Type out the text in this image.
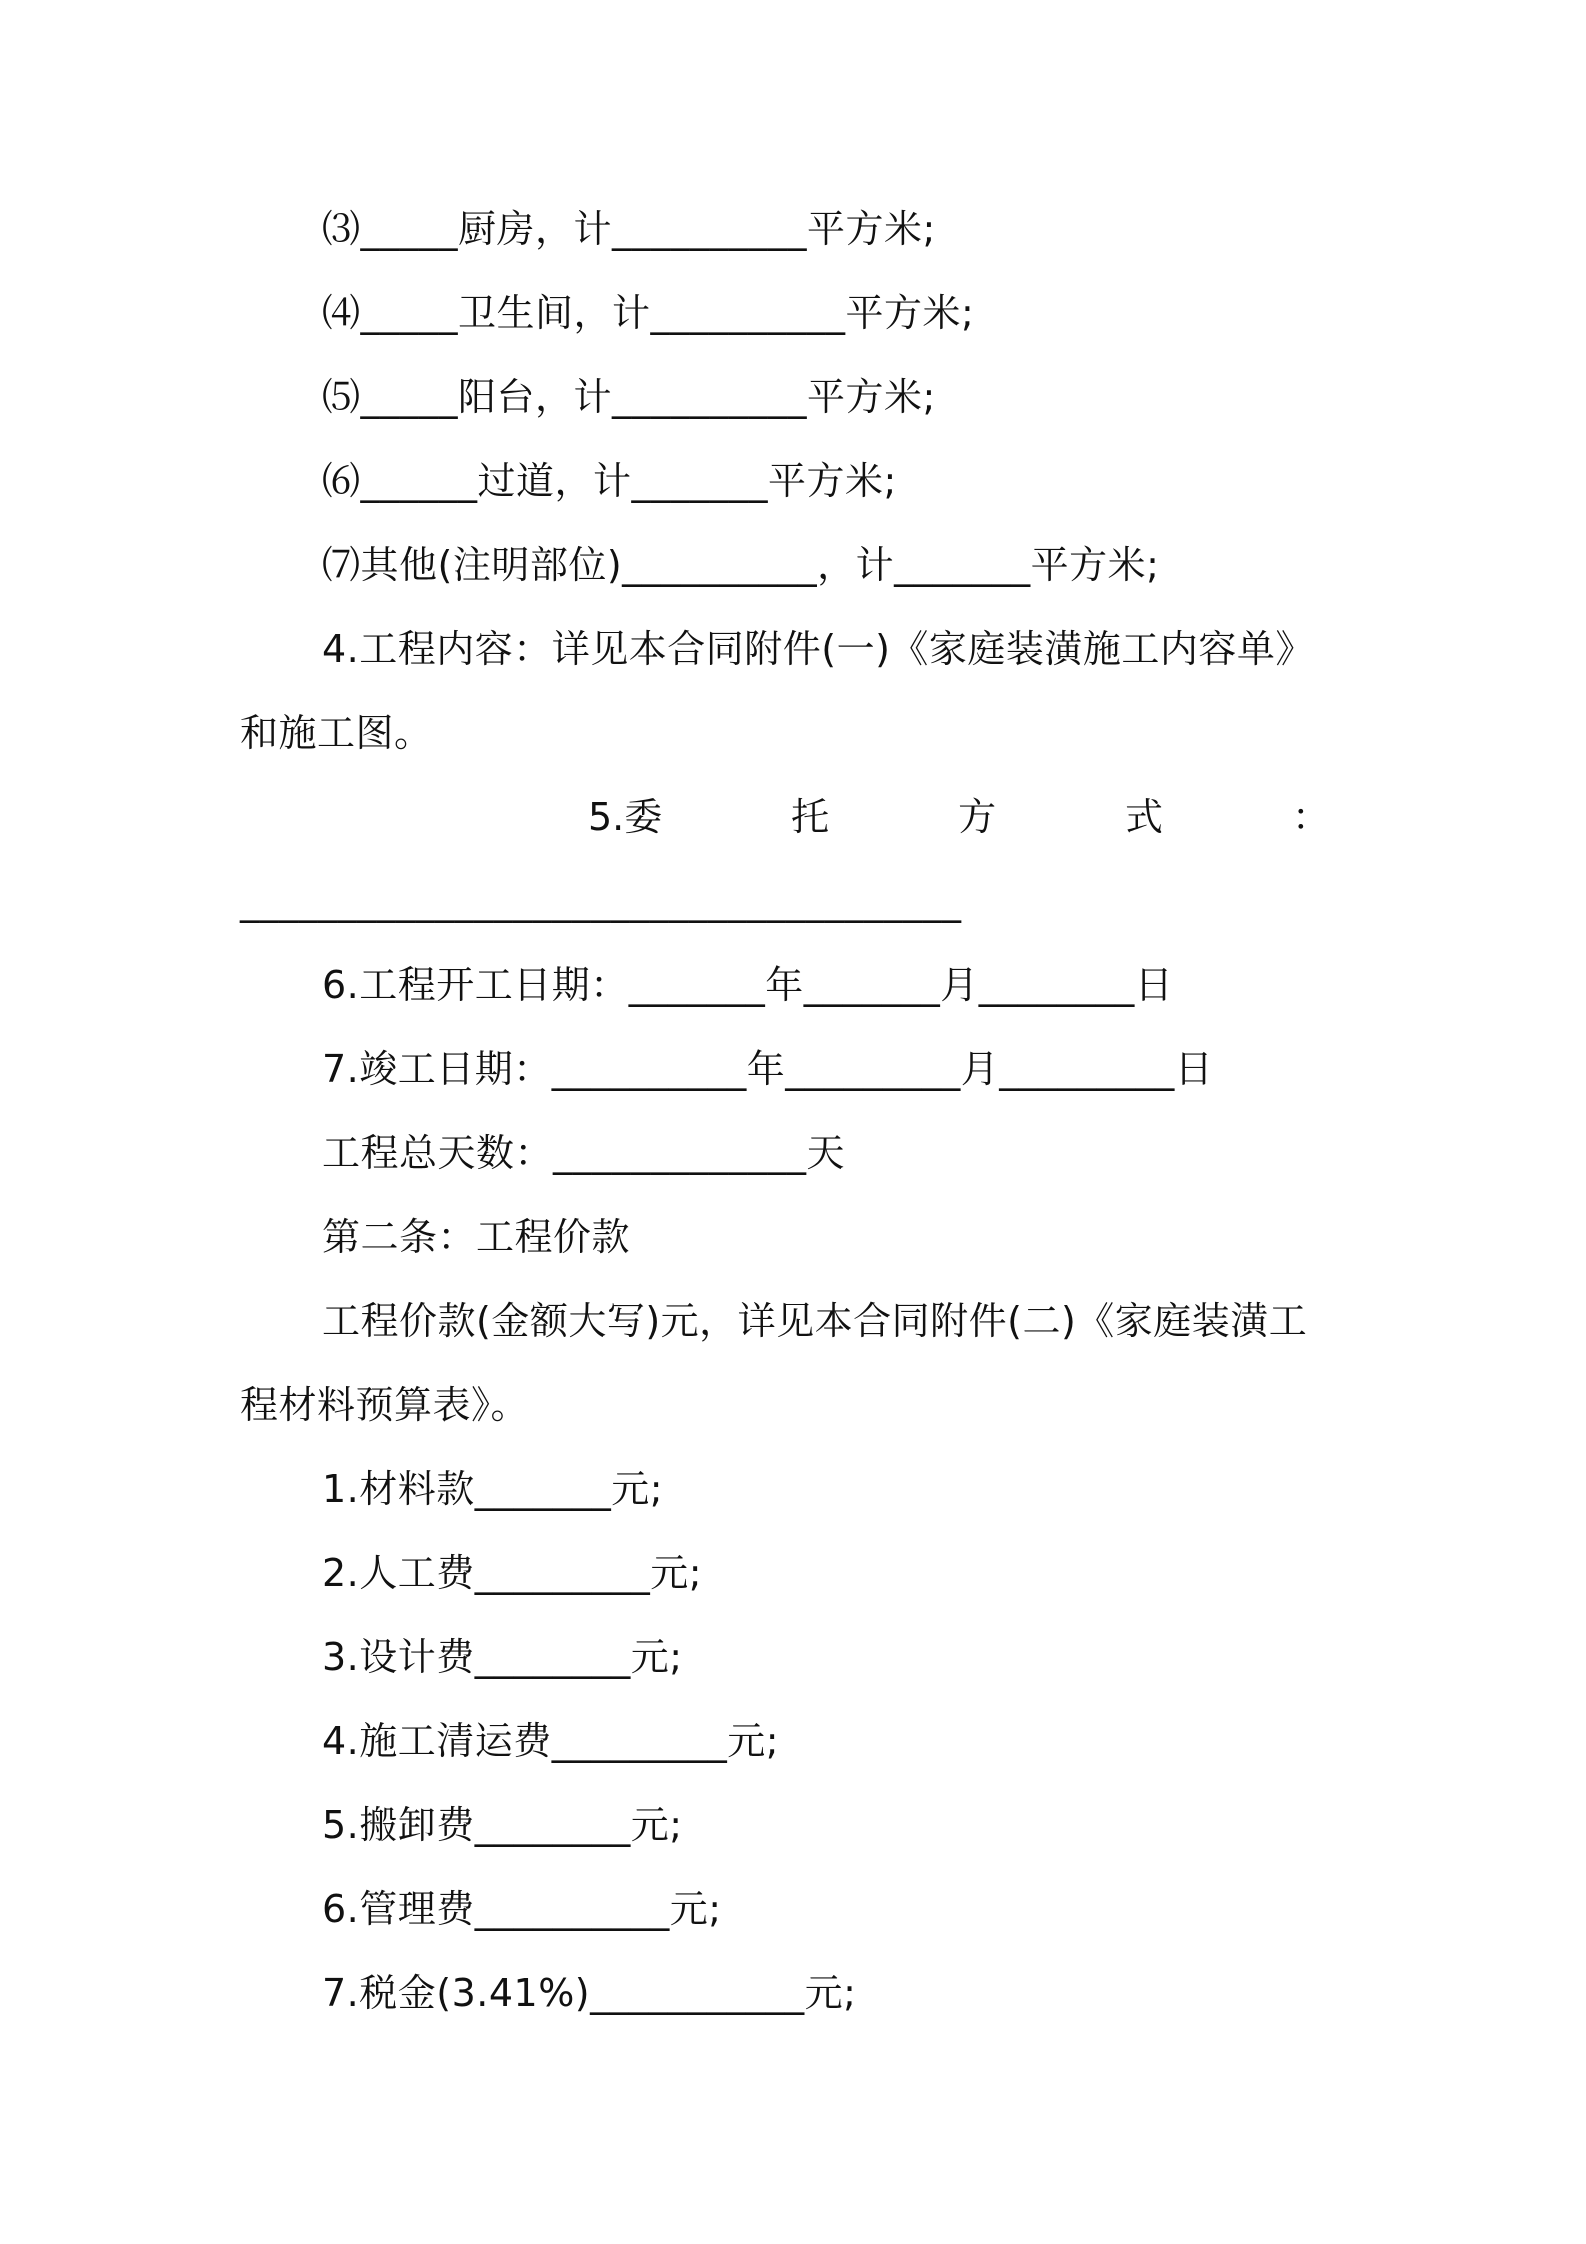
⑶_____厨房，计__________平方米;
⑷_____卫生间，计__________平方米;
⑸_____阳台，计__________平方米;
⑹______过道，计_______平方米;
⑺其他(注明部位)__________，计_______平方米;
4.工程内容：详见本合同附件(一)《家庭装潢施工内容单》
和施工图。
5.委	托	方	式	：
_____________________________________
6.工程开工日期：_______年_______月________日
7.竣工日期：__________年_________月_________日
工程总天数：_____________天
第二条：工程价款
工程价款(金额大写)元，详见本合同附件(二)《家庭装潢工
程材料预算表》。
1.材料款_______元;
2.人工费_________元;
3.设计费________元;
4.施工清运费_________元;
5.搬卸费________元;
6.管理费__________元;
7.税金(3.41%)___________元;
